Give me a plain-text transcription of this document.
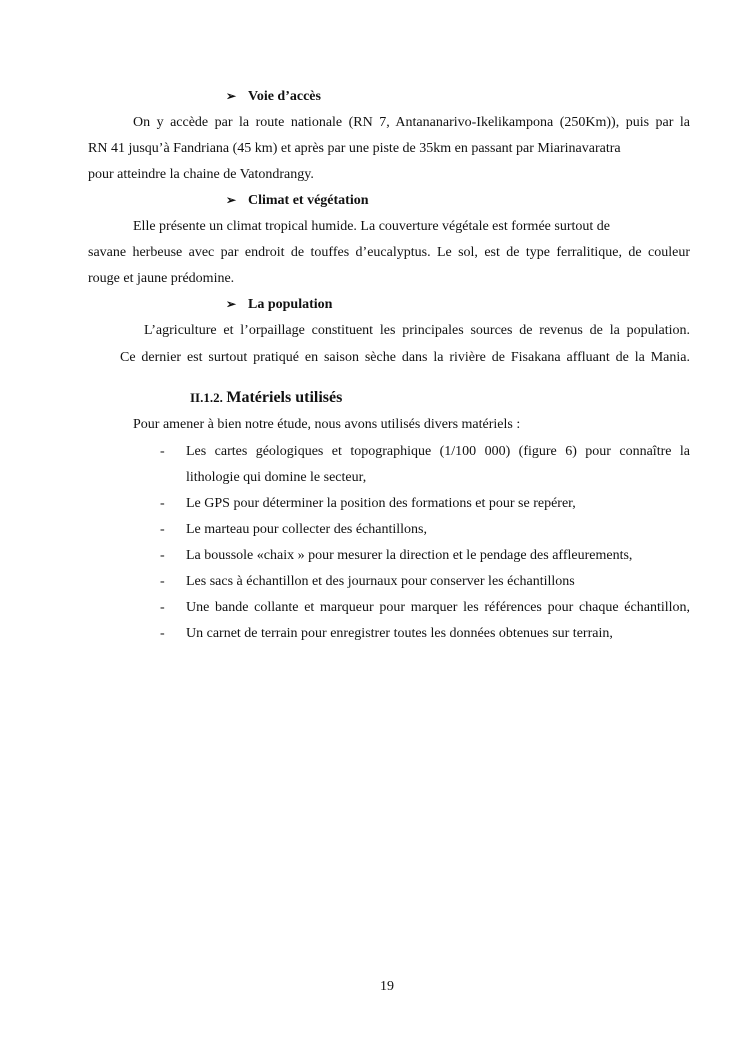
➢ Voie d’accès
On y accède par la route nationale (RN 7, Antananarivo-Ikelikampona (250Km)), puis par la
RN 41 jusqu’à Fandriana (45 km) et après par une piste de 35km en passant par Miarinavaratra
pour atteindre la chaine de Vatondrangy.
➢ Climat et végétation
Elle présente un climat tropical humide. La couverture végétale est formée surtout de
savane herbeuse avec par endroit de touffes d’eucalyptus. Le sol, est de type ferralitique, de couleur
rouge et jaune prédomine.
➢ La population
L’agriculture et l’orpaillage constituent les principales sources de revenus de la population.
Ce dernier est surtout pratiqué en saison sèche dans la rivière de Fisakana affluant de la Mania.
II.1.2. Matériels utilisés
Pour amener à bien notre étude, nous avons utilisés divers matériels :
- Les cartes géologiques et topographique (1/100 000) (figure 6) pour connaître la
lithologie qui domine le secteur,
- Le GPS pour déterminer la position des formations et pour se repérer,
- Le marteau pour collecter des échantillons,
- La boussole «chaix » pour mesurer la direction et le pendage des affleurements,
- Les sacs à échantillon et des journaux pour conserver les échantillons
- Une bande collante et marqueur pour marquer les références pour chaque échantillon,
- Un carnet de terrain pour enregistrer toutes les données obtenues sur terrain,
19
